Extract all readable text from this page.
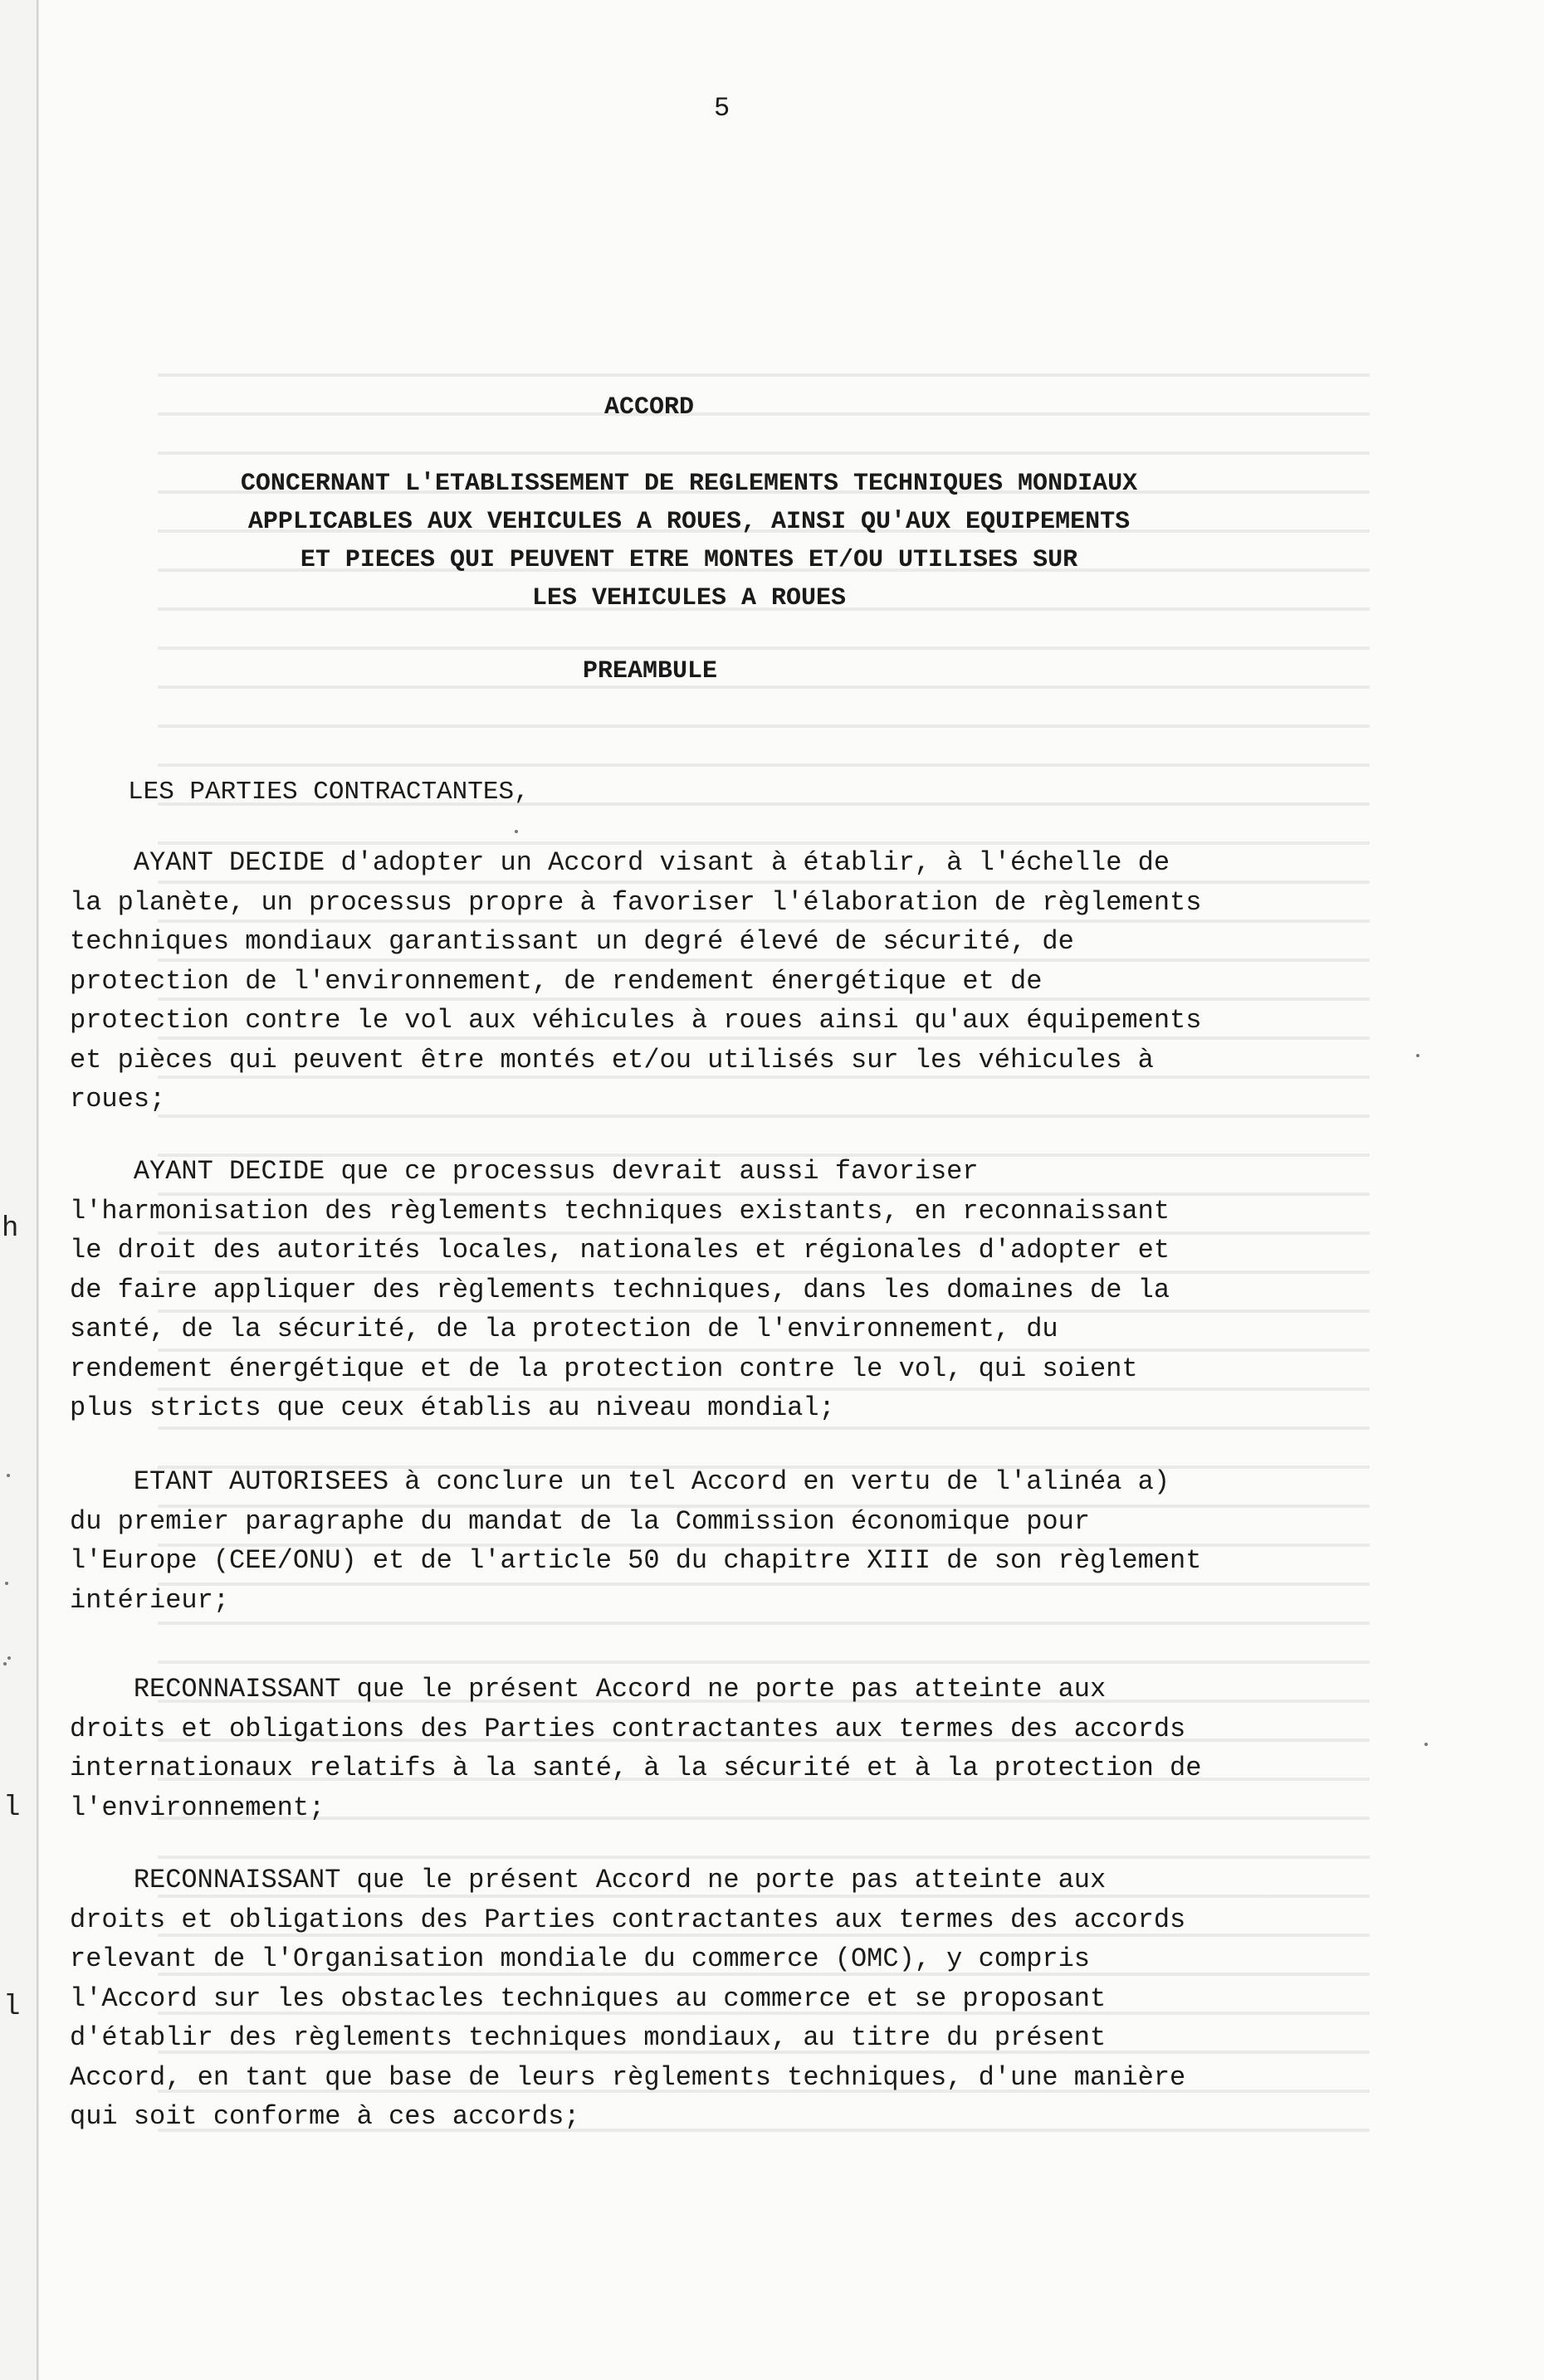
h
l
l
5
ACCORD
CONCERNANT L'ETABLISSEMENT DE REGLEMENTS TECHNIQUES MONDIAUX
APPLICABLES AUX VEHICULES A ROUES, AINSI QU'AUX EQUIPEMENTS
ET PIECES QUI PEUVENT ETRE MONTES ET/OU UTILISES SUR
LES VEHICULES A ROUES
PREAMBULE
LES PARTIES CONTRACTANTES,
AYANT DECIDE d'adopter un Accord visant à établir, à l'échelle de
la planète, un processus propre à favoriser l'élaboration de règlements
techniques mondiaux garantissant un degré élevé de sécurité, de
protection de l'environnement, de rendement énergétique et de
protection contre le vol aux véhicules à roues ainsi qu'aux équipements
et pièces qui peuvent être montés et/ou utilisés sur les véhicules à
roues;
AYANT DECIDE que ce processus devrait aussi favoriser
l'harmonisation des règlements techniques existants, en reconnaissant
le droit des autorités locales, nationales et régionales d'adopter et
de faire appliquer des règlements techniques, dans les domaines de la
santé, de la sécurité, de la protection de l'environnement, du
rendement énergétique et de la protection contre le vol, qui soient
plus stricts que ceux établis au niveau mondial;
ETANT AUTORISEES à conclure un tel Accord en vertu de l'alinéa a)
du premier paragraphe du mandat de la Commission économique pour
l'Europe (CEE/ONU) et de l'article 50 du chapitre XIII de son règlement
intérieur;
RECONNAISSANT que le présent Accord ne porte pas atteinte aux
droits et obligations des Parties contractantes aux termes des accords
internationaux relatifs à la santé, à la sécurité et à la protection de
l'environnement;
RECONNAISSANT que le présent Accord ne porte pas atteinte aux
droits et obligations des Parties contractantes aux termes des accords
relevant de l'Organisation mondiale du commerce (OMC), y compris
l'Accord sur les obstacles techniques au commerce et se proposant
d'établir des règlements techniques mondiaux, au titre du présent
Accord, en tant que base de leurs règlements techniques, d'une manière
qui soit conforme à ces accords;
